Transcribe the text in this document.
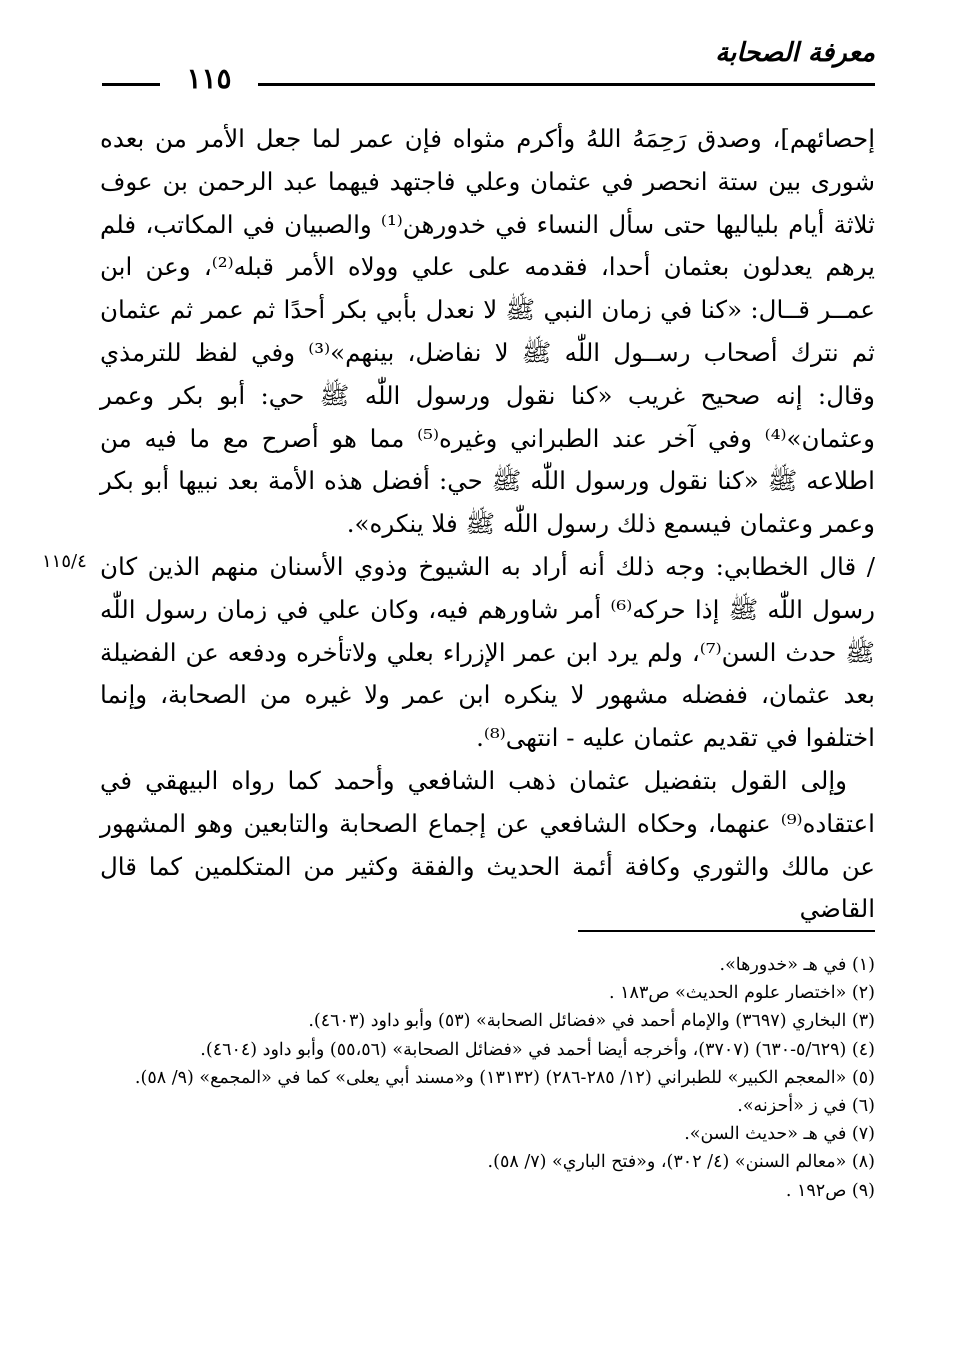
معرفة الصحابة
١١٥
١١٥/٤

إحصائهم]، وصدق رَحِمَهُ اللهُ وأكرم مثواه فإن عمر لما جعل الأمر من بعده شورى بين ستة انحصر في عثمان وعلي فاجتهد فيهما عبد الرحمن بن عوف ثلاثة أيام بلياليها حتى سأل النساء في خدورهن⁽¹⁾ والصبيان في المكاتب، فلم يرهم يعدلون بعثمان أحدا، فقدمه على علي وولاه الأمر قبله⁽²⁾، وعن ابن عمــر قــال: «كنا في زمان النبي ﷺ لا نعدل بأبي بكر أحدًا ثم عمر ثم عثمان ثم نترك أصحاب رســول اللّٰه ﷺ لا نفاضل، بينهم»⁽³⁾ وفي لفظ للترمذي وقال: إنه صحيح غريب «كنا نقول ورسول اللّٰه ﷺ حي: أبو بكر وعمر وعثمان»⁽⁴⁾ وفي آخر عند الطبراني وغيره⁽⁵⁾ مما هو أصرح مع ما فيه من اطلاعه ﷺ «كنا نقول ورسول اللّٰه ﷺ حي: أفضل هذه الأمة بعد نبيها أبو بكر وعمر وعثمان فيسمع ذلك رسول اللّٰه ﷺ فلا ينكره».

/ قال الخطابي: وجه ذلك أنه أراد به الشيوخ وذوي الأسنان منهم الذين كان رسول اللّٰه ﷺ إذا حركه⁽⁶⁾ أمر شاورهم فيه، وكان علي في زمان رسول اللّٰه ﷺ حدث السن⁽⁷⁾، ولم يرد ابن عمر الإزراء بعلي ولاتأخره ودفعه عن الفضيلة بعد عثمان، ففضله مشهور لا ينكره ابن عمر ولا غيره من الصحابة، وإنما اختلفوا في تقديم عثمان عليه - انتهى⁽⁸⁾.

وإلى القول بتفضيل عثمان ذهب الشافعي وأحمد كما رواه البيهقي في اعتقاده⁽⁹⁾ عنهما، وحكاه الشافعي عن إجماع الصحابة والتابعين وهو المشهور عن مالك والثوري وكافة أئمة الحديث والفقة وكثير من المتكلمين كما قال القاضي

(١) في هـ «خدورها».

(٢) «اختصار علوم الحديث» ص١٨٣ .

(٣) البخاري (٣٦٩٧) والإمام أحمد في «فضائل الصحابة» (٥٣) وأبو داود (٤٦٠٣).

(٤) (٥/٦٢٩-٦٣٠) (٣٧٠٧)، وأخرجه أيضا أحمد في «فضائل الصحابة» (٥٥،٥٦) وأبو داود (٤٦٠٤).

(٥) «المعجم الكبير» للطبراني (١٢/ ٢٨٥-٢٨٦) (١٣١٣٢) و«مسند أبي يعلى» كما في «المجمع» (٩/ ٥٨).

(٦) في ز «أحزنه».

(٧) في هـ «حديث السن».

(٨) «معالم السنن» (٤/ ٣٠٢)، و«فتح الباري» (٧/ ٥٨).

(٩) ص١٩٢ .
